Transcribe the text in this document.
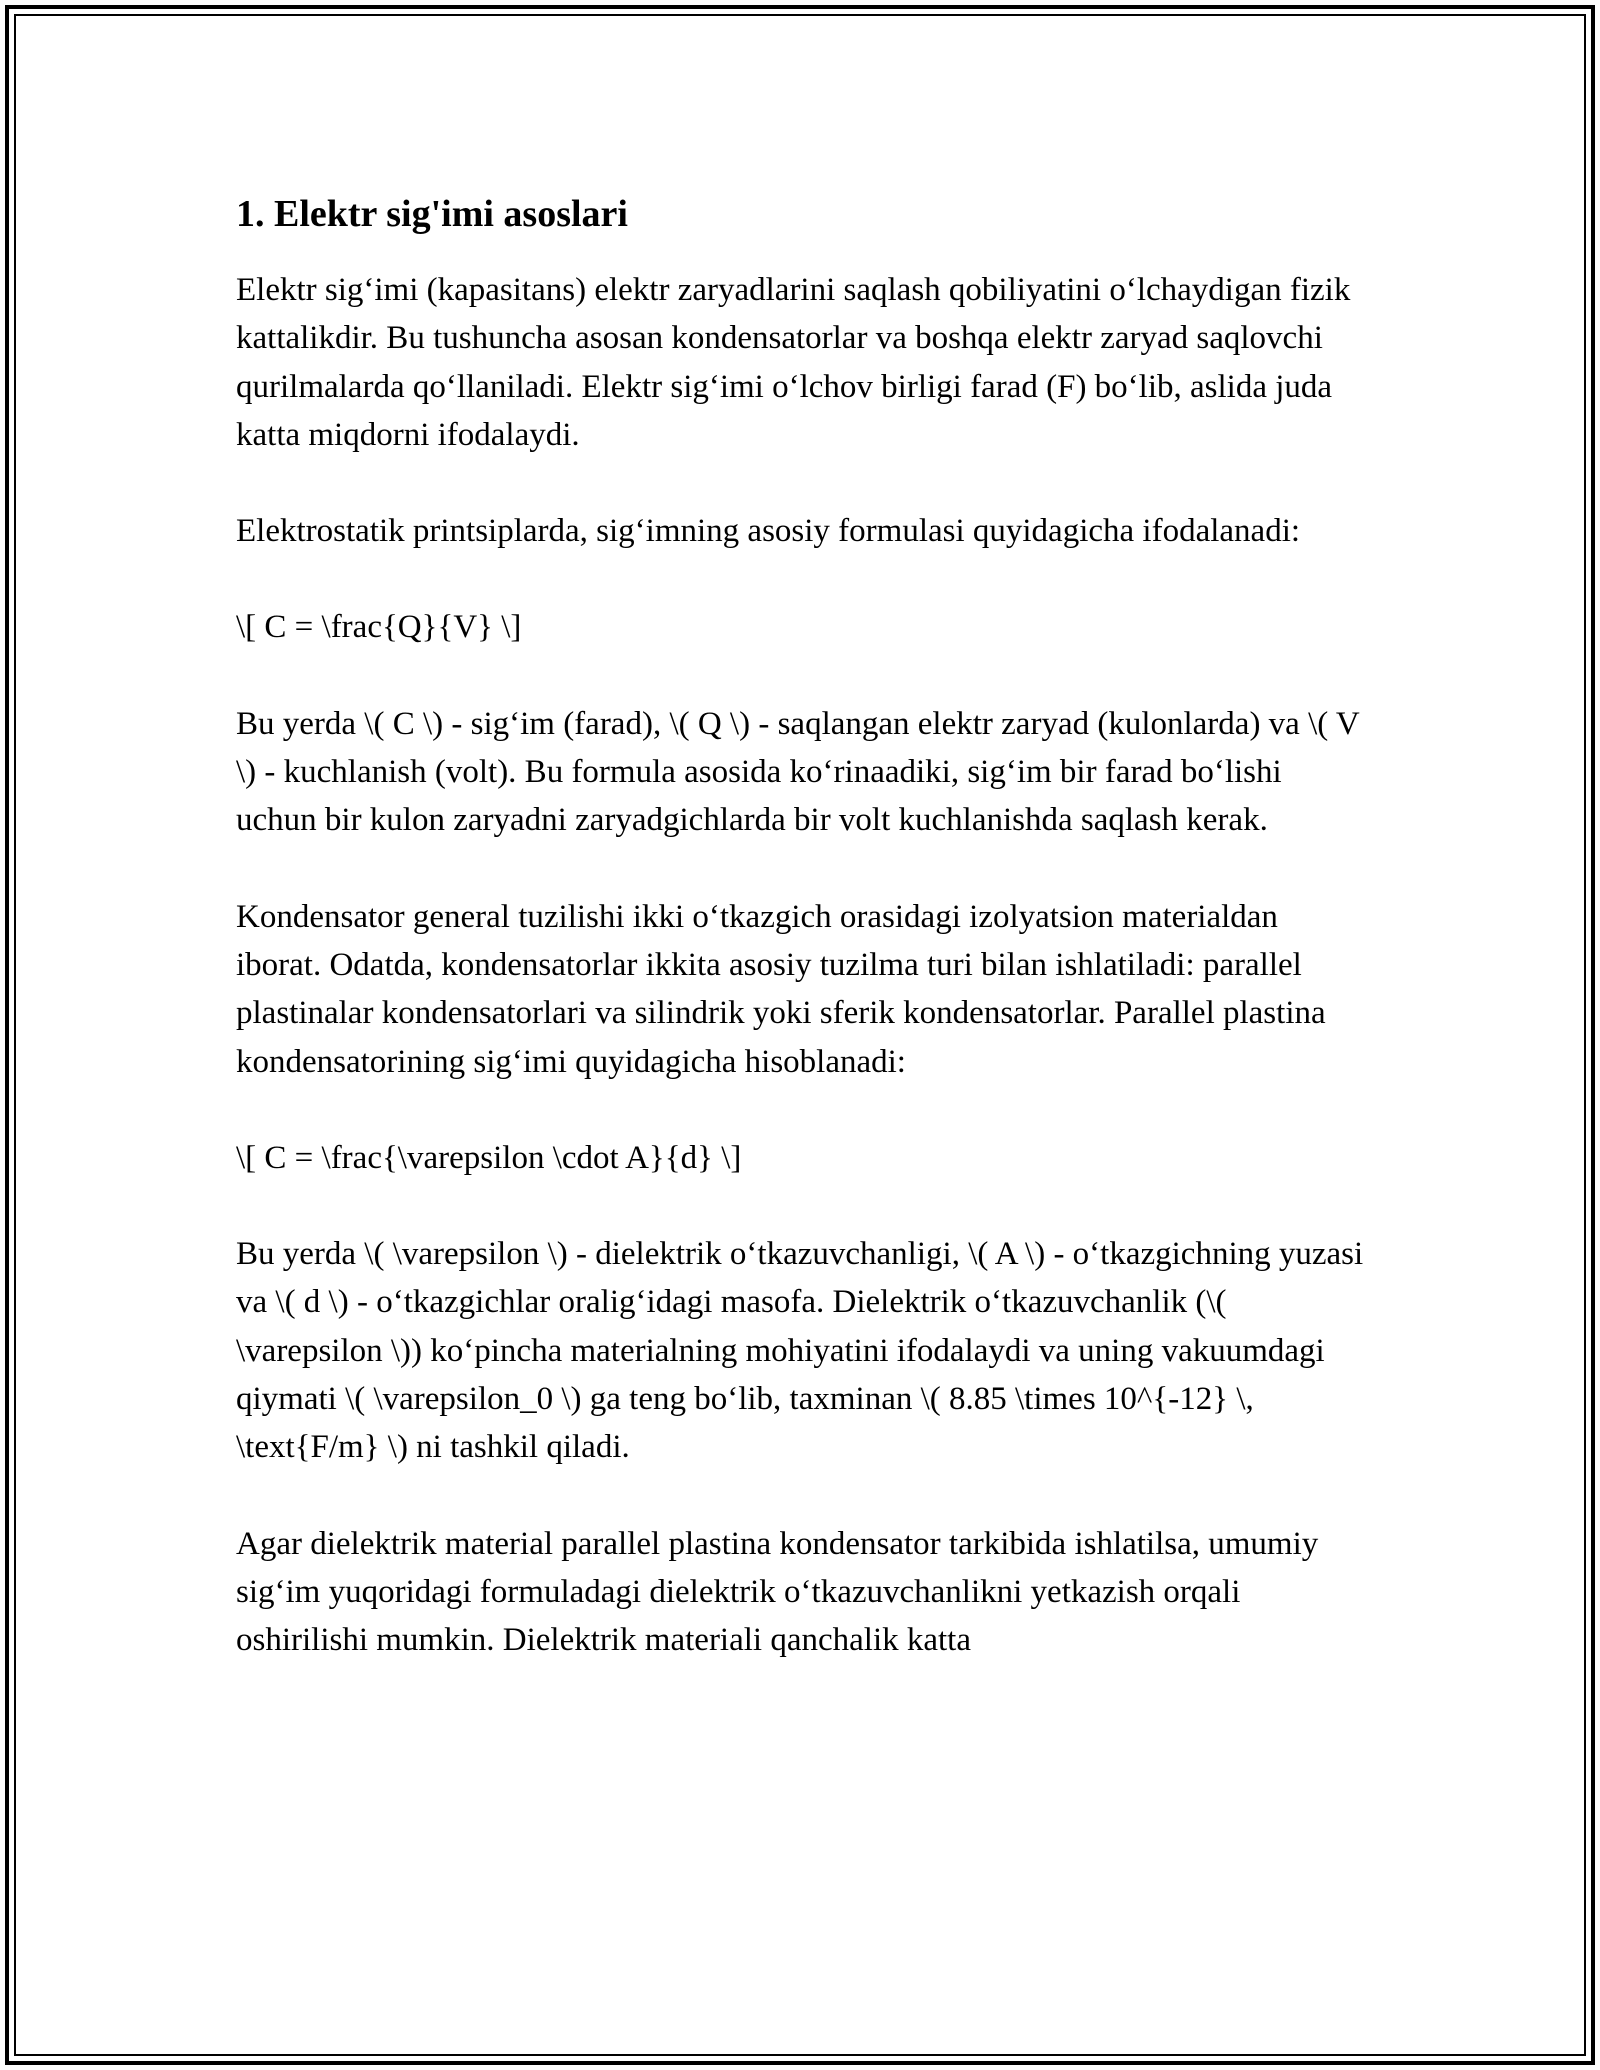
1. Elektr sig'imi asoslari

Elektr sig‘imi (kapasitans) elektr zaryadlarini saqlash qobiliyatini o‘lchaydigan fizik kattalikdir. Bu tushuncha asosan kondensatorlar va boshqa elektr zaryad saqlovchi qurilmalarda qo‘llaniladi. Elektr sig‘imi o‘lchov birligi farad (F) bo‘lib, aslida juda katta miqdorni ifodalaydi.

Elektrostatik printsiplarda, sig‘imning asosiy formulasi quyidagicha ifodalanadi:

\[ C = \frac{Q}{V} \]

Bu yerda \( C \) - sig‘im (farad), \( Q \) - saqlangan elektr zaryad (kulonlarda) va \( V \) - kuchlanish (volt). Bu formula asosida ko‘rinaadiki, sig‘im bir farad bo‘lishi uchun bir kulon zaryadni zaryadgichlarda bir volt kuchlanishda saqlash kerak.

Kondensator general tuzilishi ikki o‘tkazgich orasidagi izolyatsion materialdan iborat. Odatda, kondensatorlar ikkita asosiy tuzilma turi bilan ishlatiladi: parallel plastinalar kondensatorlari va silindrik yoki sferik kondensatorlar. Parallel plastina kondensatorining sig‘imi quyidagicha hisoblanadi:

\[ C = \frac{\varepsilon \cdot A}{d} \]

Bu yerda \( \varepsilon \) - dielektrik o‘tkazuvchanligi, \( A \) - o‘tkazgichning yuzasi va \( d \) - o‘tkazgichlar oralig‘idagi masofa. Dielektrik o‘tkazuvchanlik (\( \varepsilon \)) ko‘pincha materialning mohiyatini ifodalaydi va uning vakuumdagi qiymati \( \varepsilon_0 \) ga teng bo‘lib, taxminan \( 8.85 \times 10^{-12} \, \text{F/m} \) ni tashkil qiladi.

Agar dielektrik material parallel plastina kondensator tarkibida ishlatilsa, umumiy sig‘im yuqoridagi formuladagi dielektrik o‘tkazuvchanlikni yetkazish orqali oshirilishi mumkin. Dielektrik materiali qanchalik katta
